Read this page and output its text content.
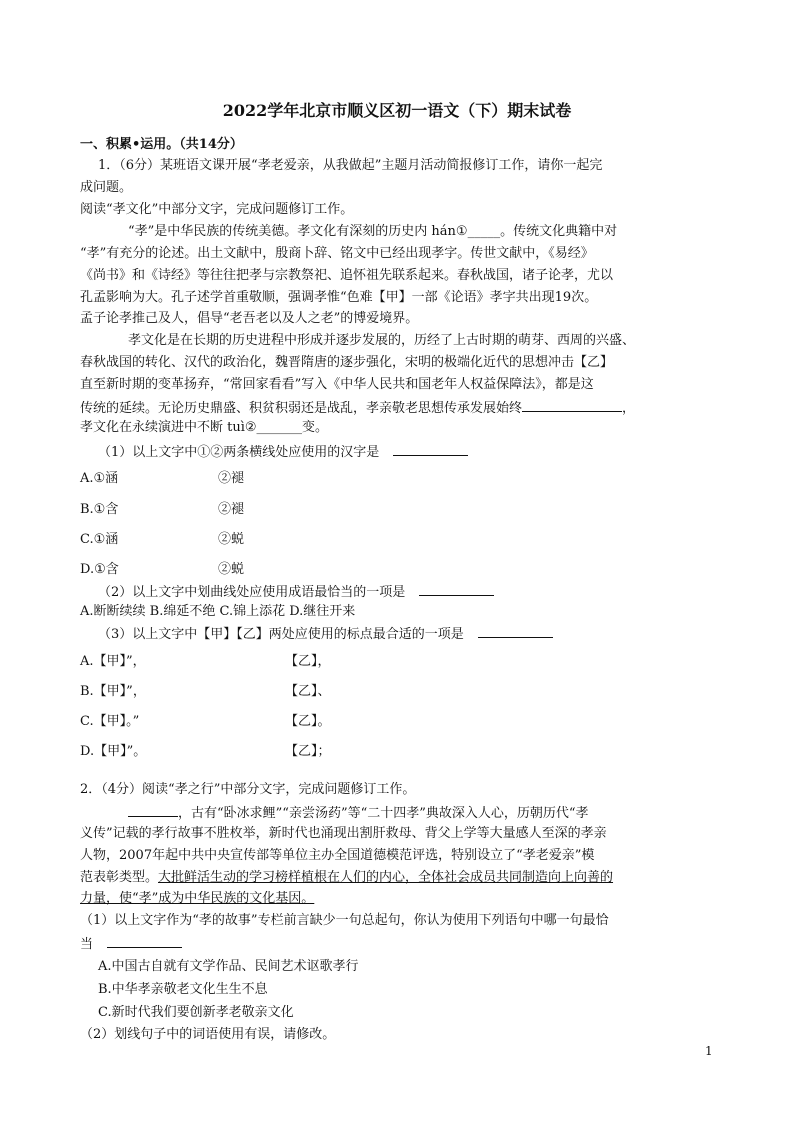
2022学年北京市顺义区初一语文（下）期末试卷
一、积累•运用。（共14分）
1．（6分）某班语文课开展“孝老爱亲，从我做起”主题月活动简报修订工作，请你一起完
成问题。
阅读“孝文化”中部分文字，完成问题修订工作。
“孝”是中华民族的传统美德。孝文化有深刻的历史内 hán①_____。传统文化典籍中对
“孝”有充分的论述。出土文献中，殷商卜辞、铭文中已经出现孝字。传世文献中，《易经》
《尚书》和《诗经》等往往把孝与宗教祭祀、追怀祖先联系起来。春秋战国，诸子论孝，尤以
孔孟影响为大。孔子述学首重敬顺，强调孝惟“色难【甲】一部《论语》孝字共出现19次。
孟子论孝推己及人，倡导“老吾老以及人之老”的博爱境界。
孝文化是在长期的历史进程中形成并逐步发展的，历经了上古时期的萌芽、西周的兴盛、
春秋战国的转化、汉代的政治化，魏晋隋唐的逐步强化，宋明的极端化近代的思想冲击【乙】
直至新时期的变革扬弃，“常回家看看”写入《中华人民共和国老年人权益保障法》，都是这
传统的延续。无论历史鼎盛、积贫积弱还是战乱，孝亲敬老思想传承发展始终	，
孝文化在永续演进中不断 tuì②_______变。
（1）以上文字中①②两条横线处应使用的汉字是
A.①涵	②褪
B.①含	②褪
C.①涵	②蜕
D.①含	②蜕
（2）以上文字中划曲线处应使用成语最恰当的一项是
A.断断续续 B.绵延不绝 C.锦上添花 D.继往开来
（3）以上文字中【甲】【乙】两处应使用的标点最合适的一项是
A.【甲】”，	【乙】，
B.【甲】”，	【乙】、
C.【甲】。”	【乙】。
D.【甲】”。	【乙】；
2．（4分）阅读“孝之行”中部分文字，完成问题修订工作。
，古有“卧冰求鲤”“亲尝汤药”等“二十四孝”典故深入人心，历朝历代“孝
义传”记载的孝行故事不胜枚举，新时代也涌现出割肝救母、背父上学等大量感人至深的孝亲
人物，2007年起中共中央宣传部等单位主办全国道德模范评选，特别设立了“孝老爱亲”模
范表彰类型。大批鲜活生动的学习榜样植根在人们的内心，全体社会成员共同制造向上向善的
力量，使“孝”成为中华民族的文化基因。
（1）以上文字作为“孝的故事”专栏前言缺少一句总起句，你认为使用下列语句中哪一句最恰
当
A.中国古自就有文学作品、民间艺术讴歌孝行
B.中华孝亲敬老文化生生不息
C.新时代我们要创新孝老敬亲文化
（2）划线句子中的词语使用有误，请修改。
1
